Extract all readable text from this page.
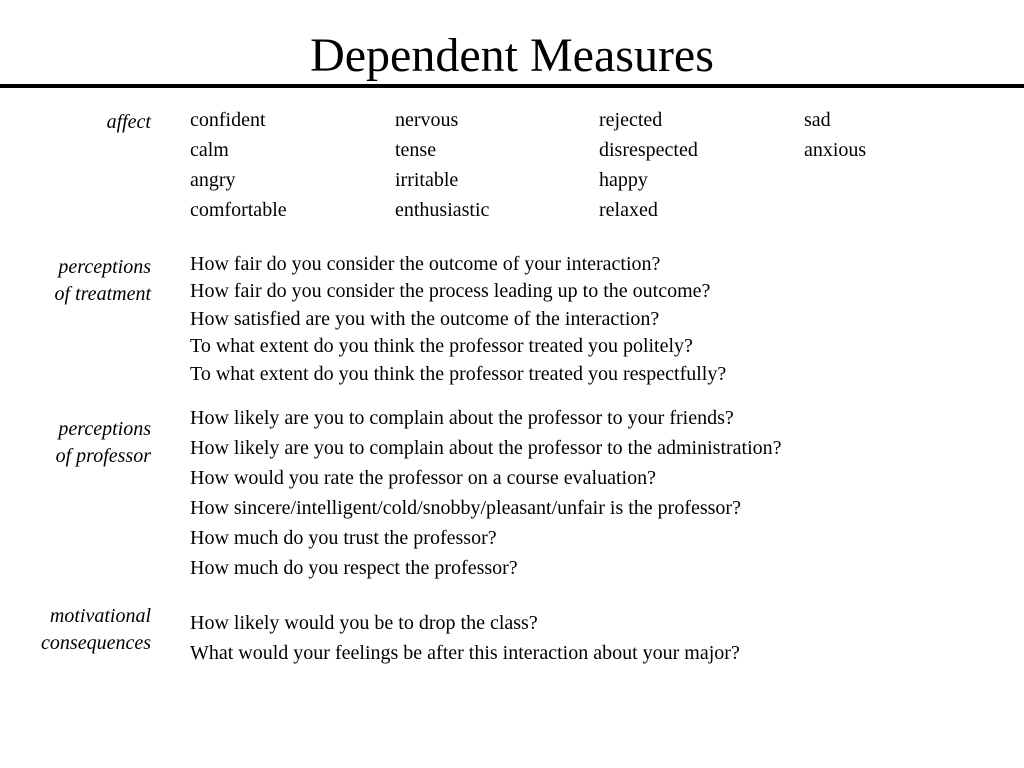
Dependent Measures
affect confident
calm
angry
comfortable
nervous
tense
irritable
enthusiastic
rejected
disrespected
happy
relaxed
sad
anxious
perceptions
of treatment
How fair do you consider the outcome of your interaction?
How fair do you consider the process leading up to the outcome?
How satisfied are you with the outcome of the interaction?
To what extent do you think the professor treated you politely?
To what extent do you think the professor treated you respectfully?
perceptions
of professor
How likely are you to complain about the professor to your friends?
How likely are you to complain about the professor to the administration?
How would you rate the professor on a course evaluation?
How sincere/intelligent/cold/snobby/pleasant/unfair is the professor?
How much do you trust the professor?
How much do you respect the professor?
motivational
consequences
How likely would you be to drop the class?
What would your feelings be after this interaction about your major?
